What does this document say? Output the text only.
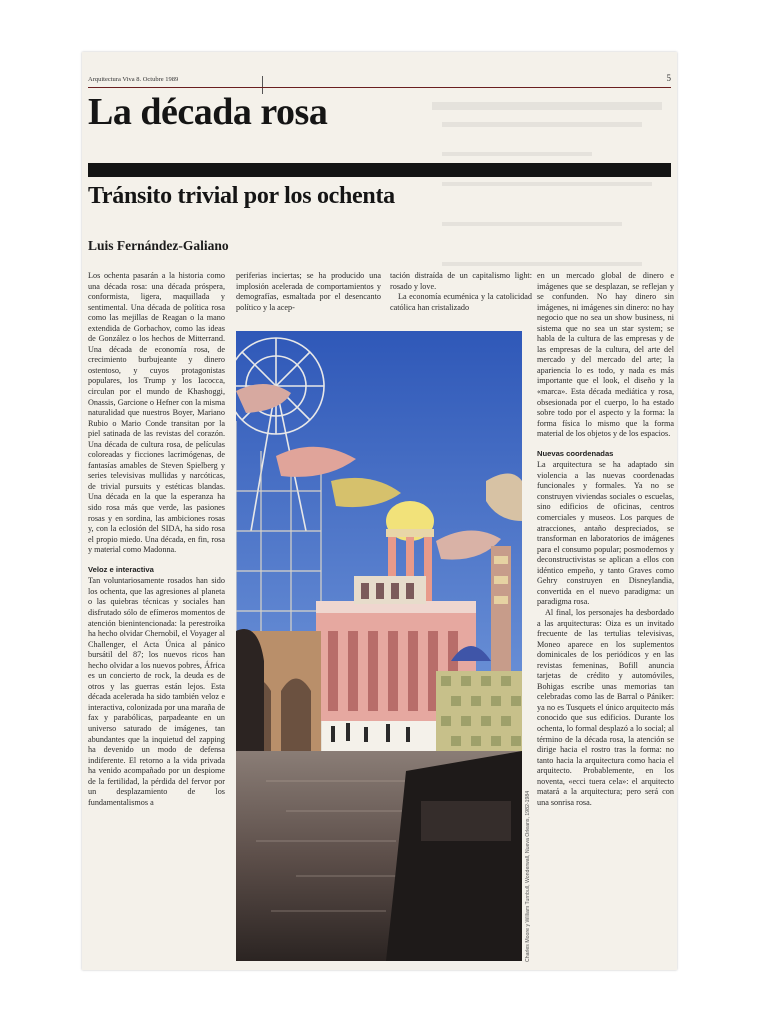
Arquitectura Viva 8. Octubre 1989	5
La década rosa
Tránsito trivial por los ochenta
Luis Fernández-Galiano

Los ochenta pasarán a la historia como una década rosa: una década próspera, conformista, ligera, maquillada y sentimental. Una década de política rosa como las mejillas de Reagan o la mano extendida de Gorbachov, como las ideas de González o los hechos de Mitterrand. Una década de economía rosa, de crecimiento burbujeante y dinero ostentoso, y cuyos protagonistas populares, los Trump y los Iacocca, circulan por el mundo de Khashoggi, Onassis, Garcione o Hefner con la misma naturalidad que nuestros Boyer, Mariano Rubio o Mario Conde transitan por la piel satinada de las revistas del corazón. Una década de cultura rosa, de películas coloreadas y ficciones lacrimógenas, de fantasías amables de Steven Spielberg y series televisivas mullidas y narcóticas, de trivial pursuits y estéticas blandas. Una década en la que la esperanza ha sido rosa más que verde, las pasiones rosas y en sordina, las ambiciones rosas y, con la eclosión del SIDA, ha sido rosa el propio miedo. Una década, en fin, rosa y material como Madonna.

Veloz e interactiva

Tan voluntariosamente rosados han sido los ochenta, que las agresiones al planeta o las quiebras técnicas y sociales han disfrutado sólo de efímeros momentos de atención bienintencionada: la perestroika ha hecho olvidar Chernobil, el Voyager al Challenger, el Acta Única al pánico bursátil del 87; los nuevos ricos han hecho olvidar a los nuevos pobres, África es un concierto de rock, la deuda es de otros y las guerras están lejos. Esta década acelerada ha sido también veloz e interactiva, colonizada por una maraña de fax y parabólicas, parpadeante en un universo saturado de imágenes, tan abundantes que la inquietud del zapping ha devenido un modo de defensa indiferente. El retorno a la vida privada ha venido acompañado por un despiome de la fertilidad, la pérdida del fervor por un desplazamiento de los fundamentalismos a

periferias inciertas; se ha producido una implosión acelerada de comportamientos y demografías, esmaltada por el desencanto político y la acep-

tación distraída de un capitalismo light: rosado y love.

La economía ecuménica y la catolicidad católica han cristalizado

en un mercado global de dinero e imágenes que se desplazan, se reflejan y se confunden. No hay dinero sin imágenes, ni imágenes sin dinero: no hay negocio que no sea un show business, ni sistema que no sea un star system; se habla de la cultura de las empresas y de las empresas de la cultura, del arte del mercado y del mercado del arte; la apariencia lo es todo, y nada es más importante que el look, el diseño y la «marca». Esta década mediática y rosa, obsesionada por el cuerpo, lo ha estado sobre todo por el aspecto y la forma: la forma física lo mismo que la forma material de los objetos y de los espacios.

Nuevas coordenadas

La arquitectura se ha adaptado sin violencia a las nuevas coordenadas funcionales y formales. Ya no se construyen viviendas sociales o escuelas, sino edificios de oficinas, centros comerciales y museos. Los parques de atracciones, antaño despreciados, se transforman en laboratorios de imágenes para el consumo popular; posmodernos y deconstructivistas se aplican a ellos con idéntico empeño, y tanto Graves como Gehry construyen en Disneylandia, convertida en el nuevo paradigma: un paradigma rosa.

Al final, los personajes ha desbordado a las arquitecturas: Oiza es un invitado frecuente de las tertulias televisivas, Moneo aparece en los suplementos dominicales de los periódicos y en las revistas femeninas, Bofill anuncia tarjetas de crédito y automóviles, Bohigas escribe unas memorias tan celebradas como las de Barral o Pániker: ya no es Tusquets el único arquitecto más conocido que sus edificios. Durante los ochenta, lo formal desplazó a lo social; al término de la década rosa, la atención se dirige hacia el rostro tras la forma: no tanto hacia la arquitectura como hacia el arquitecto. Probablemente, en los noventa, «ecci tuera cela»: el arquitecto matará a la arquitectura; pero será con una sonrisa rosa.

Charles Moore y William Turnbull, Wonderwall, Nueva Orleans, 1982-1984
